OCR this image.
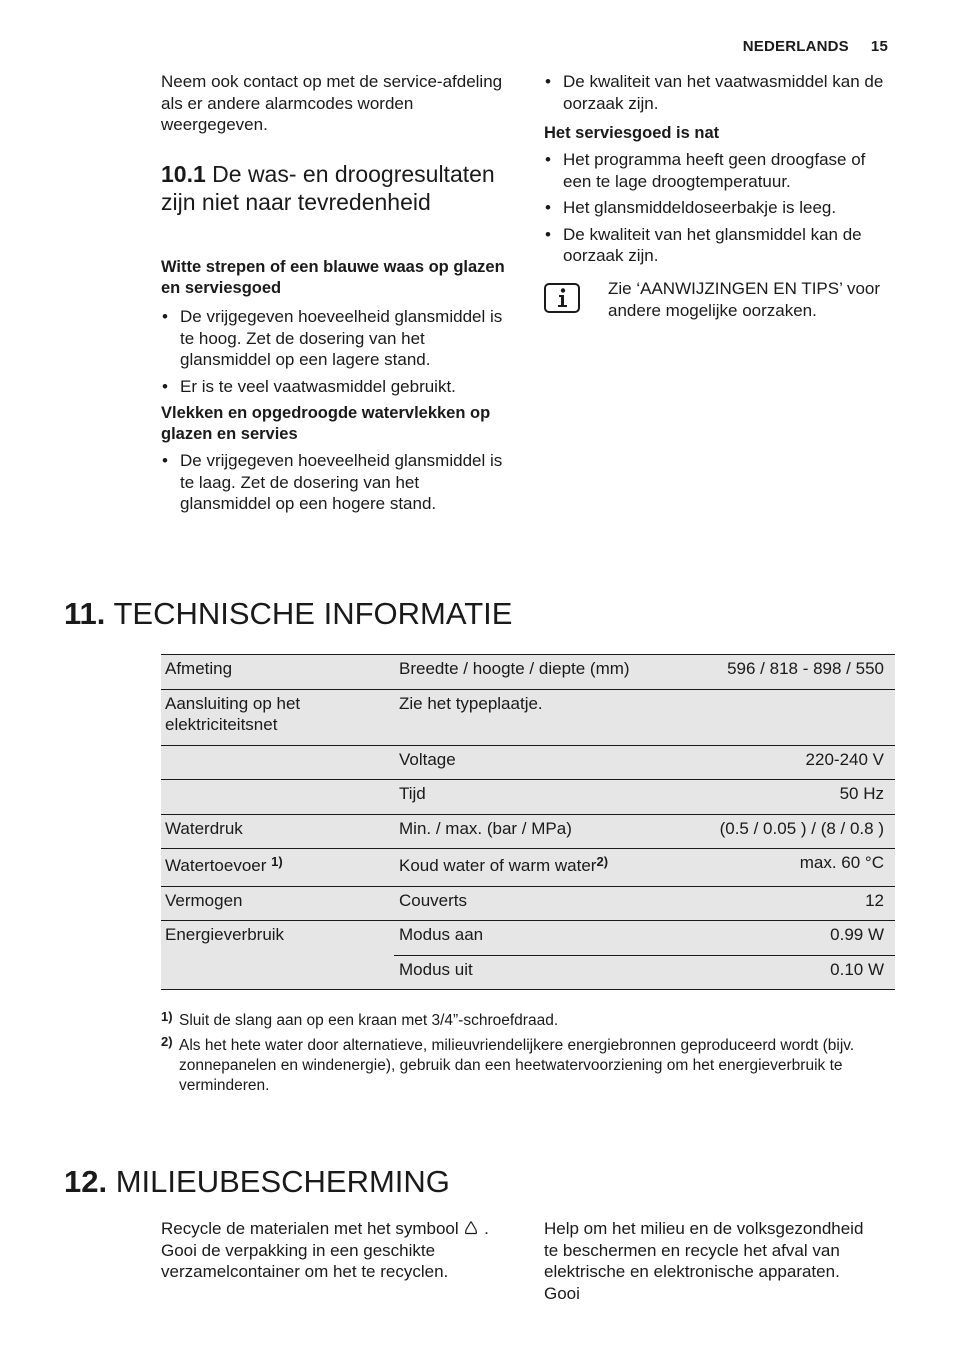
NEDERLANDS 15
Neem ook contact op met de service-afdeling als er andere alarmcodes worden weergegeven.
10.1 De was- en droogresultaten zijn niet naar tevredenheid
Witte strepen of een blauwe waas op glazen en serviesgoed
• De vrijgegeven hoeveelheid glansmiddel is te hoog. Zet de dosering van het glansmiddel op een lagere stand.
• Er is te veel vaatwasmiddel gebruikt.
Vlekken en opgedroogde watervlekken op glazen en servies
• De vrijgegeven hoeveelheid glansmiddel is te laag. Zet de dosering van het glansmiddel op een hogere stand.
• De kwaliteit van het vaatwasmiddel kan de oorzaak zijn.
Het serviesgoed is nat
• Het programma heeft geen droogfase of een te lage droogtemperatuur.
• Het glansmiddeldoseerbakje is leeg.
• De kwaliteit van het glansmiddel kan de oorzaak zijn.
Zie ‘AANWIJZINGEN EN TIPS’ voor andere mogelijke oorzaken.
11. TECHNISCHE INFORMATIE
Afmeting	Breedte / hoogte / diepte (mm)	596 / 818 - 898 / 550
Aansluiting op het elektriciteitsnet	Zie het typeplaatje.	
	Voltage	220-240 V
	Tijd	50 Hz
Waterdruk	Min. / max. (bar / MPa)	(0.5 / 0.05 ) / (8 / 0.8 )
Watertoevoer $^{1)}$	Koud water of warm water$^{2)}$	max. 60 °C
Vermogen	Couverts	12
Energieverbruik	Modus aan	0.99 W
	Modus uit	0.10 W
1) Sluit de slang aan op een kraan met 3/4”-schroefdraad.
2) Als het hete water door alternatieve, milieuvriendelijkere energiebronnen geproduceerd wordt (bijv. zonnepanelen en windenergie), gebruik dan een heetwatervoorziening om het energieverbruik te verminderen.
12. MILIEUBESCHERMING
Recycle de materialen met het symbool . Gooi de verpakking in een geschikte verzamelcontainer om het te recyclen.
Help om het milieu en de volksgezondheid te beschermen en recycle het afval van elektrische en elektronische apparaten. Gooi
